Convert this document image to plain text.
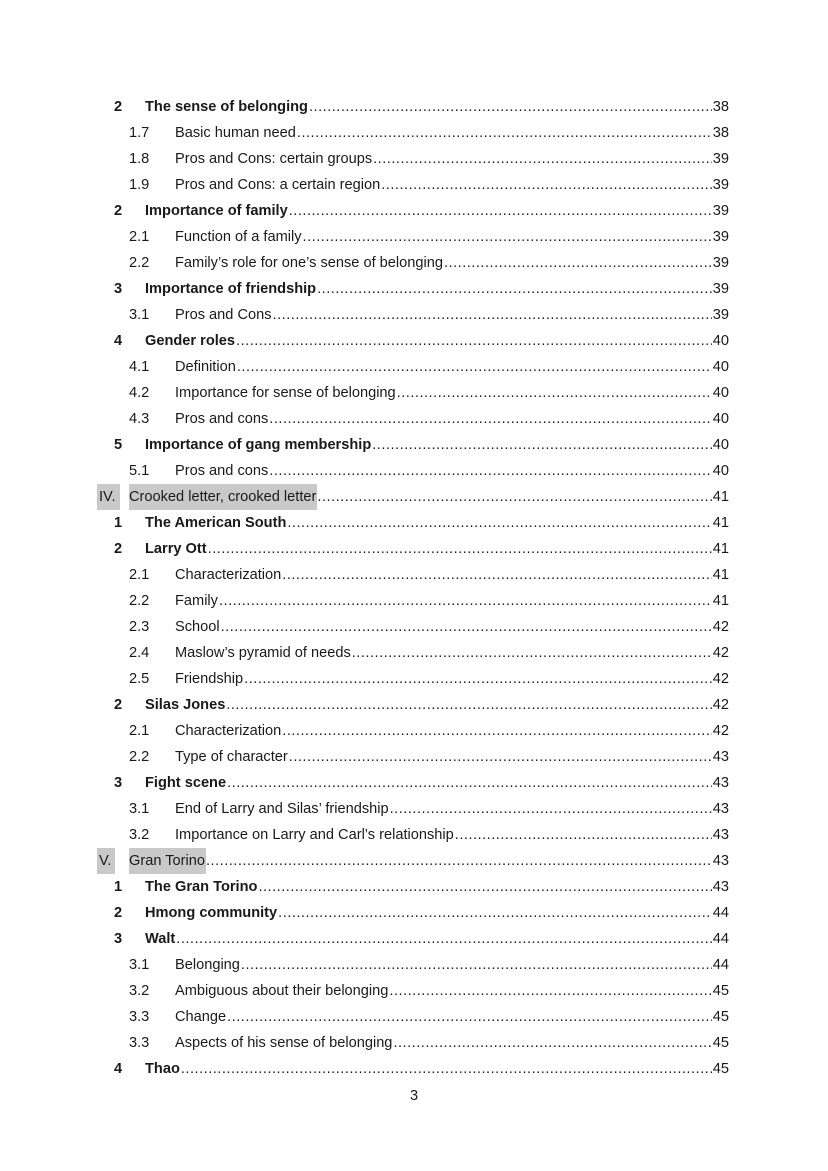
2 The sense of belonging .....	38
1.7 Basic human need .....	38
1.8 Pros and Cons: certain groups .....	39
1.9 Pros and Cons: a certain region .....	39
2 Importance of family .....	39
2.1 Function of a family .....	39
2.2 Family’s role for one’s sense of belonging .....	39
3 Importance of friendship .....	39
3.1 Pros and Cons .....	39
4 Gender roles .....	40
4.1 Definition .....	40
4.2 Importance for sense of belonging .....	40
4.3 Pros and cons .....	40
5 Importance of gang membership .....	40
5.1 Pros and cons .....	40
IV. Crooked letter, crooked letter .....	41
1 The American South .....	41
2 Larry Ott .....	41
2.1 Characterization .....	41
2.2 Family .....	41
2.3 School .....	42
2.4 Maslow’s pyramid of needs .....	42
2.5 Friendship .....	42
2 Silas Jones .....	42
2.1 Characterization .....	42
2.2 Type of character .....	43
3 Fight scene .....	43
3.1 End of Larry and Silas’ friendship .....	43
3.2 Importance on Larry and Carl’s relationship .....	43
V. Gran Torino .....	43
1 The Gran Torino .....	43
2 Hmong community .....	44
3 Walt .....	44
3.1 Belonging .....	44
3.2 Ambiguous about their belonging .....	45
3.3 Change .....	45
3.3 Aspects of his sense of belonging .....	45
4 Thao .....	45
3
